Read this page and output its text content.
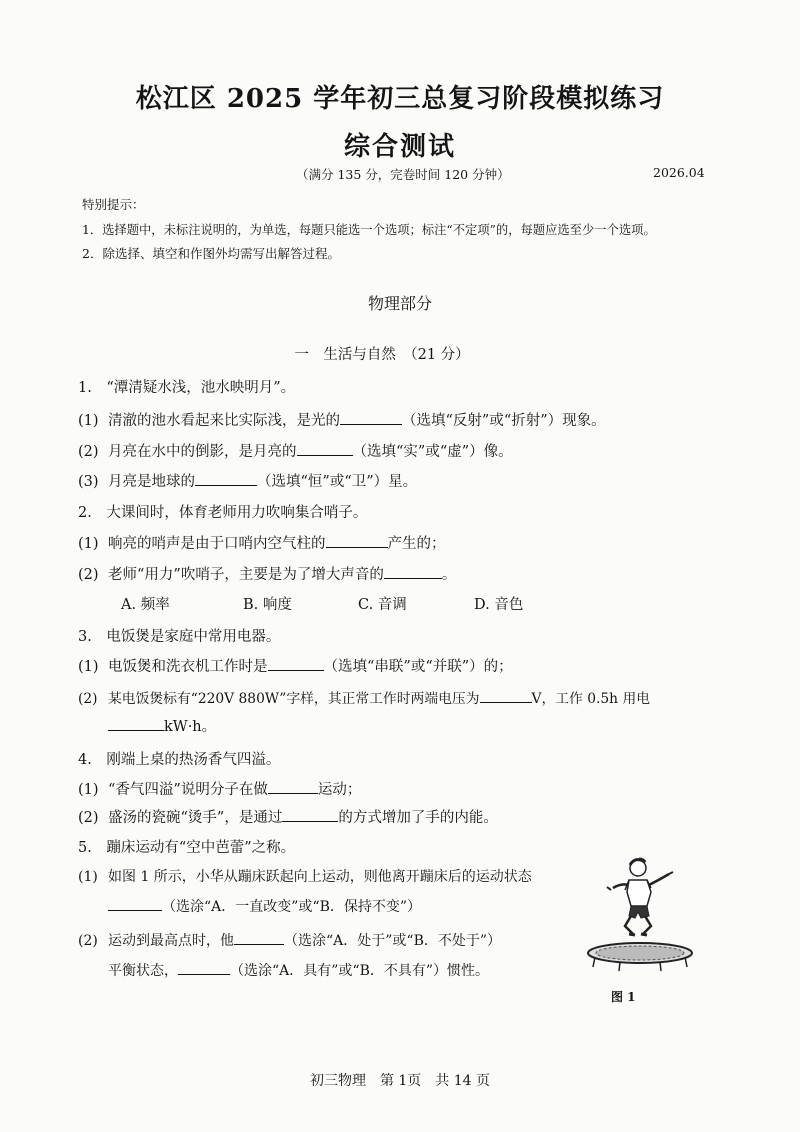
松江区 2025 学年初三总复习阶段模拟练习
综合测试
（满分 135 分，完卷时间 120 分钟）	2026.04
特别提示：
1．选择题中，未标注说明的，为单选，每题只能选一个选项；标注“不定项”的，每题应选至少一个选项。
2．除选择、填空和作图外均需写出解答过程。
物理部分
一　生活与自然　（21 分）
1.　“潭清疑水浅，池水映明月”。
(1) 清澈的池水看起来比实际浅，是光的	（选填“反射”或“折射”）现象。
(2) 月亮在水中的倒影，是月亮的	（选填“实”或“虚”）像。
(3) 月亮是地球的	（选填“恒”或“卫”）星。
2.　大课间时，体育老师用力吹响集合哨子。
(1) 响亮的哨声是由于口哨内空气柱的	产生的；
(2) 老师“用力”吹哨子，主要是为了增大声音的	。
A. 频率	B. 响度	C. 音调	D. 音色
3.　电饭煲是家庭中常用电器。
(1) 电饭煲和洗衣机工作时是	（选填“串联”或“并联”）的；
(2) 某电饭煲标有“220V 880W”字样，其正常工作时两端电压为	V，工作 0.5h 用电
kW·h。
4.　刚端上桌的热汤香气四溢。
(1) “香气四溢”说明分子在做	运动；
(2) 盛汤的瓷碗“烫手”，是通过	的方式增加了手的内能。
5.　蹦床运动有“空中芭蕾”之称。
(1) 如图 1 所示，小华从蹦床跃起向上运动，则他离开蹦床后的运动状态
（选涂“A．一直改变”或“B．保持不变”）
(2) 运动到最高点时，他	（选涂“A．处于”或“B．不处于”）
平衡状态，	（选涂“A．具有”或“B．不具有”）惯性。
图 1
初三物理　第 1页　共 14 页
